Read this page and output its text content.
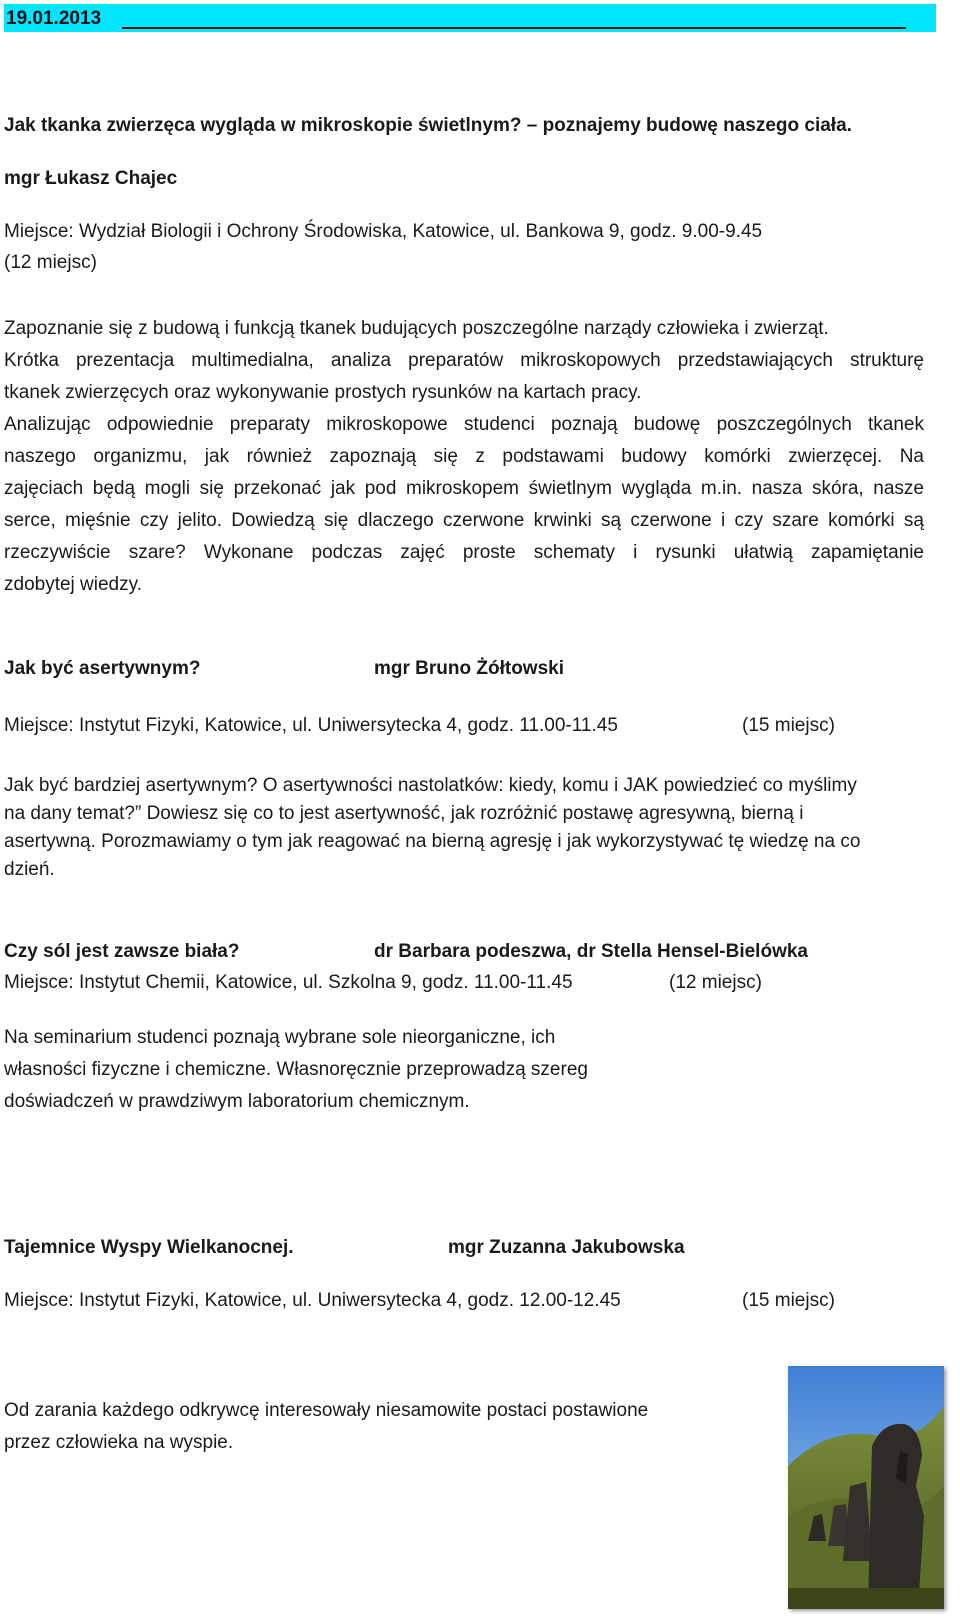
19.01.2013
Jak tkanka zwierzęca wygląda w mikroskopie świetlnym? – poznajemy budowę naszego ciała.
mgr Łukasz Chajec
Miejsce: Wydział Biologii i Ochrony Środowiska, Katowice, ul. Bankowa 9, godz. 9.00-9.45
(12 miejsc)

Zapoznanie się z budową i funkcją tkanek budujących poszczególne narządy człowieka i zwierząt.

Krótka prezentacja multimedialna, analiza preparatów mikroskopowych przedstawiających strukturę

tkanek zwierzęcych oraz wykonywanie prostych rysunków na kartach pracy.

Analizując odpowiednie preparaty mikroskopowe studenci poznają budowę poszczególnych tkanek

naszego organizmu, jak również zapoznają się z podstawami budowy komórki zwierzęcej. Na

zajęciach będą mogli się przekonać jak pod mikroskopem świetlnym wygląda m.in. nasza skóra, nasze

serce, mięśnie czy jelito. Dowiedzą się dlaczego czerwone krwinki są czerwone i czy szare komórki są

rzeczywiście szare? Wykonane podczas zajęć proste schematy i rysunki ułatwią zapamiętanie

zdobytej wiedzy.

Jak być asertywnym?	mgr Bruno Żółtowski
Miejsce: Instytut Fizyki, Katowice, ul. Uniwersytecka 4, godz. 11.00-11.45	(15 miejsc)
Jak być bardziej asertywnym? O asertywności nastolatków: kiedy, komu i JAK powiedzieć co myślimy
na dany temat?” Dowiesz się co to jest asertywność, jak rozróżnić postawę agresywną, bierną i
asertywną. Porozmawiamy o tym jak reagować na bierną agresję i jak wykorzystywać tę wiedzę na co
dzień.
Czy sól jest zawsze biała?	dr Barbara podeszwa, dr Stella Hensel-Bielówka
Miejsce: Instytut Chemii, Katowice, ul. Szkolna 9, godz. 11.00-11.45	(12 miejsc)
Na seminarium studenci poznają wybrane sole nieorganiczne, ich
własności fizyczne i chemiczne. Własnoręcznie przeprowadzą szereg
doświadczeń w prawdziwym laboratorium chemicznym.
Tajemnice Wyspy Wielkanocnej.	mgr Zuzanna Jakubowska
Miejsce: Instytut Fizyki, Katowice, ul. Uniwersytecka 4, godz. 12.00-12.45	(15 miejsc)
Od zarania każdego odkrywcę interesowały niesamowite postaci postawione
przez człowieka na wyspie.
